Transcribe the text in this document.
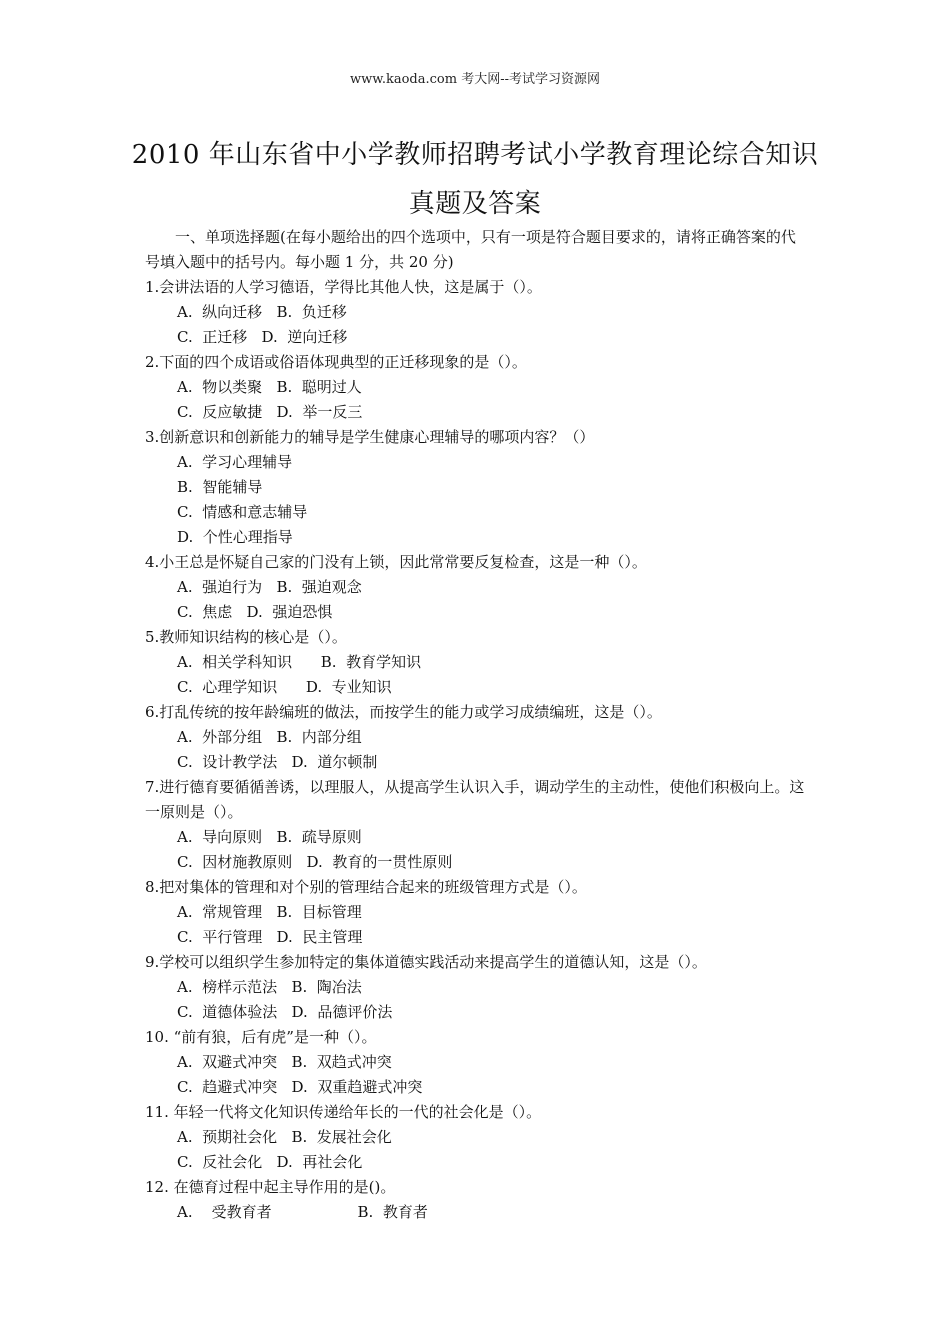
www.kaoda.com 考大网--考试学习资源网
2010 年山东省中小学教师招聘考试小学教育理论综合知识
真题及答案

一、单项选择题(在每小题给出的四个选项中，只有一项是符合题目要求的，请将正确答案的代号填入题中的括号内。每小题 1 分，共 20 分)

1.会讲法语的人学习德语，学得比其他人快，这是属于（）。

A.  纵向迁移   B.  负迁移

C.  正迁移   D.  逆向迁移

2.下面的四个成语或俗语体现典型的正迁移现象的是（）。

A.  物以类聚   B.  聪明过人

C.  反应敏捷   D.  举一反三

3.创新意识和创新能力的辅导是学生健康心理辅导的哪项内容？（）

A.  学习心理辅导

B.  智能辅导

C.  情感和意志辅导

D.  个性心理指导

4.小王总是怀疑自己家的门没有上锁，因此常常要反复检查，这是一种（）。

A.  强迫行为   B.  强迫观念

C.  焦虑   D.  强迫恐惧

5.教师知识结构的核心是（）。

A.  相关学科知识      B.  教育学知识

C.  心理学知识      D.  专业知识

6.打乱传统的按年龄编班的做法，而按学生的能力或学习成绩编班，这是（）。

A.  外部分组   B.  内部分组

C.  设计教学法   D.  道尔顿制

7.进行德育要循循善诱，以理服人，从提高学生认识入手，调动学生的主动性，使他们积极向上。这一原则是（）。

A.  导向原则   B.  疏导原则

C.  因材施教原则   D.  教育的一贯性原则

8.把对集体的管理和对个别的管理结合起来的班级管理方式是（）。

A.  常规管理   B.  目标管理

C.  平行管理   D.  民主管理

9.学校可以组织学生参加特定的集体道德实践活动来提高学生的道德认知，这是（）。

A.  榜样示范法   B.  陶冶法

C.  道德体验法   D.  品德评价法

10. “前有狼，后有虎”是一种（）。

A.  双避式冲突   B.  双趋式冲突

C.  趋避式冲突   D.  双重趋避式冲突

11. 年轻一代将文化知识传递给年长的一代的社会化是（）。

A.  预期社会化   B.  发展社会化

C.  反社会化   D.  再社会化

12. 在德育过程中起主导作用的是()。

A.    受教育者                  B.  教育者
